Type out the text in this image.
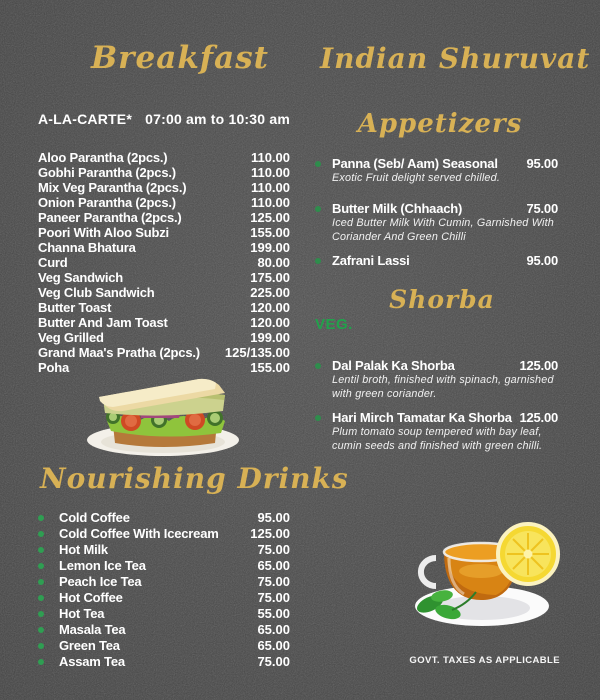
Breakfast
A-LA-CARTE* 07:00 am to 10:30 am
Aloo Parantha (2pcs.)	110.00
Gobhi Parantha (2pcs.)	110.00
Mix Veg Parantha (2pcs.)	110.00
Onion Parantha (2pcs.)	110.00
Paneer Parantha (2pcs.)	125.00
Poori With Aloo Subzi	155.00
Channa Bhatura	199.00
Curd	80.00
Veg Sandwich	175.00
Veg Club Sandwich	225.00
Butter Toast	120.00
Butter And Jam Toast	120.00
Veg Grilled	199.00
Grand Maa's Pratha (2pcs.) 125/135.00
Poha	155.00
Nourishing Drinks
Cold Coffee	95.00
Cold Coffee With Icecream	125.00
Hot Milk	75.00
Lemon Ice Tea	65.00
Peach Ice Tea	75.00
Hot Coffee	75.00
Hot Tea	55.00
Masala Tea	65.00
Green Tea	65.00
Assam Tea	75.00
Indian Shuruvat
Appetizers
Panna (Seb/ Aam) Seasonal 95.00
Exotic Fruit delight served chilled.
Butter Milk (Chhaach)	75.00
Iced Butter Milk With Cumin, Garnished With Coriander And Green Chilli
Zafrani Lassi	95.00
Shorba
VEG.
Dal Palak Ka Shorba	125.00
Lentil broth, finished with spinach, garnished with green coriander.
Hari Mirch Tamatar Ka Shorba 125.00
Plum tomato soup tempered with bay leaf, cumin seeds and finished with green chilli.
GOVT. TAXES AS APPLICABLE
